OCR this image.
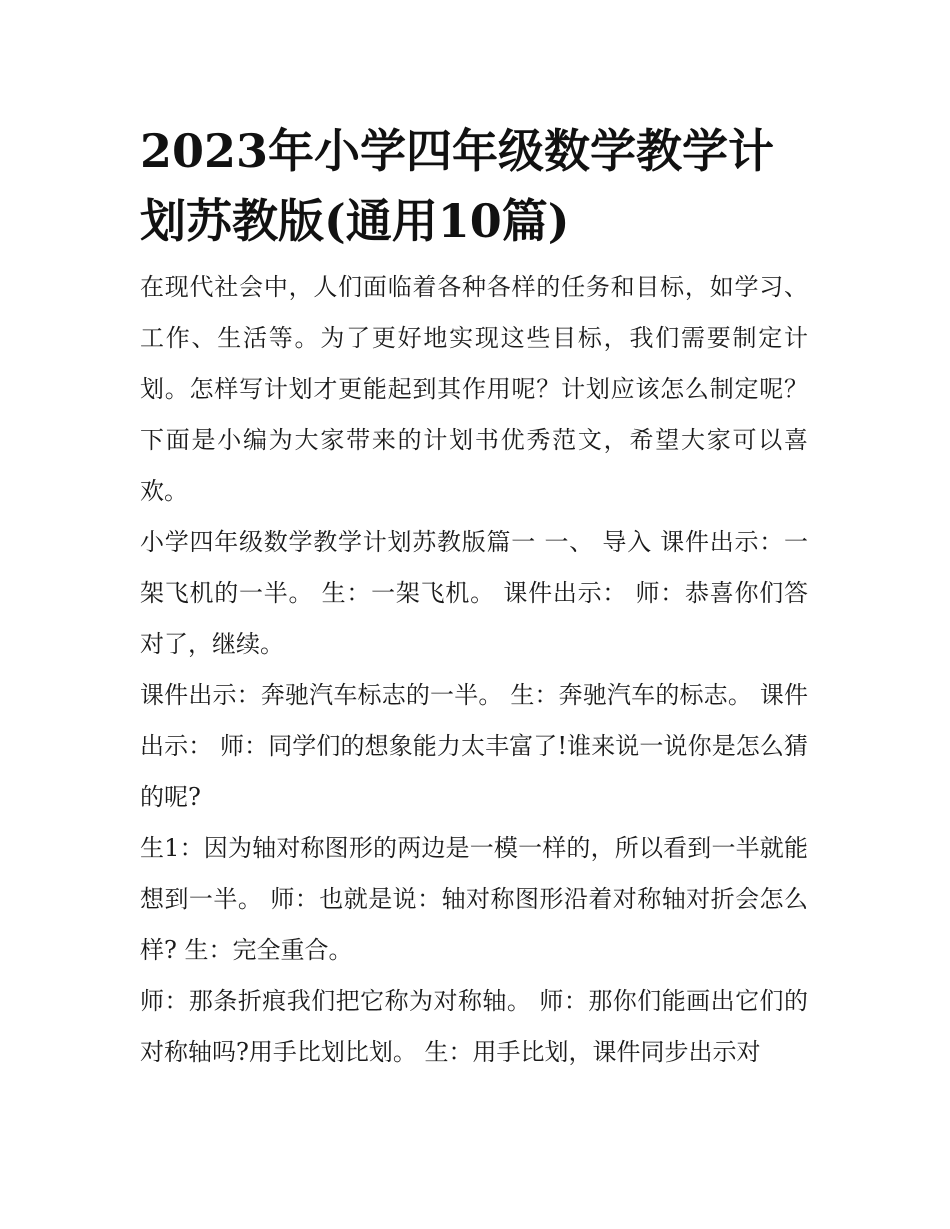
2023年小学四年级数学教学计划苏教版(通用10篇)

在现代社会中，人们面临着各种各样的任务和目标，如学习、工作、生活等。为了更好地实现这些目标，我们需要制定计划。怎样写计划才更能起到其作用呢？计划应该怎么制定呢？下面是小编为大家带来的计划书优秀范文，希望大家可以喜欢。

小学四年级数学教学计划苏教版篇一 一、 导入 课件出示：一架飞机的一半。 生：一架飞机。 课件出示： 师：恭喜你们答对了，继续。

课件出示：奔驰汽车标志的一半。 生：奔驰汽车的标志。 课件出示： 师：同学们的想象能力太丰富了!谁来说一说你是怎么猜的呢?

生1：因为轴对称图形的两边是一模一样的，所以看到一半就能想到一半。 师：也就是说：轴对称图形沿着对称轴对折会怎么样? 生：完全重合。

师：那条折痕我们把它称为对称轴。 师：那你们能画出它们的对称轴吗?用手比划比划。 生：用手比划，课件同步出示对
